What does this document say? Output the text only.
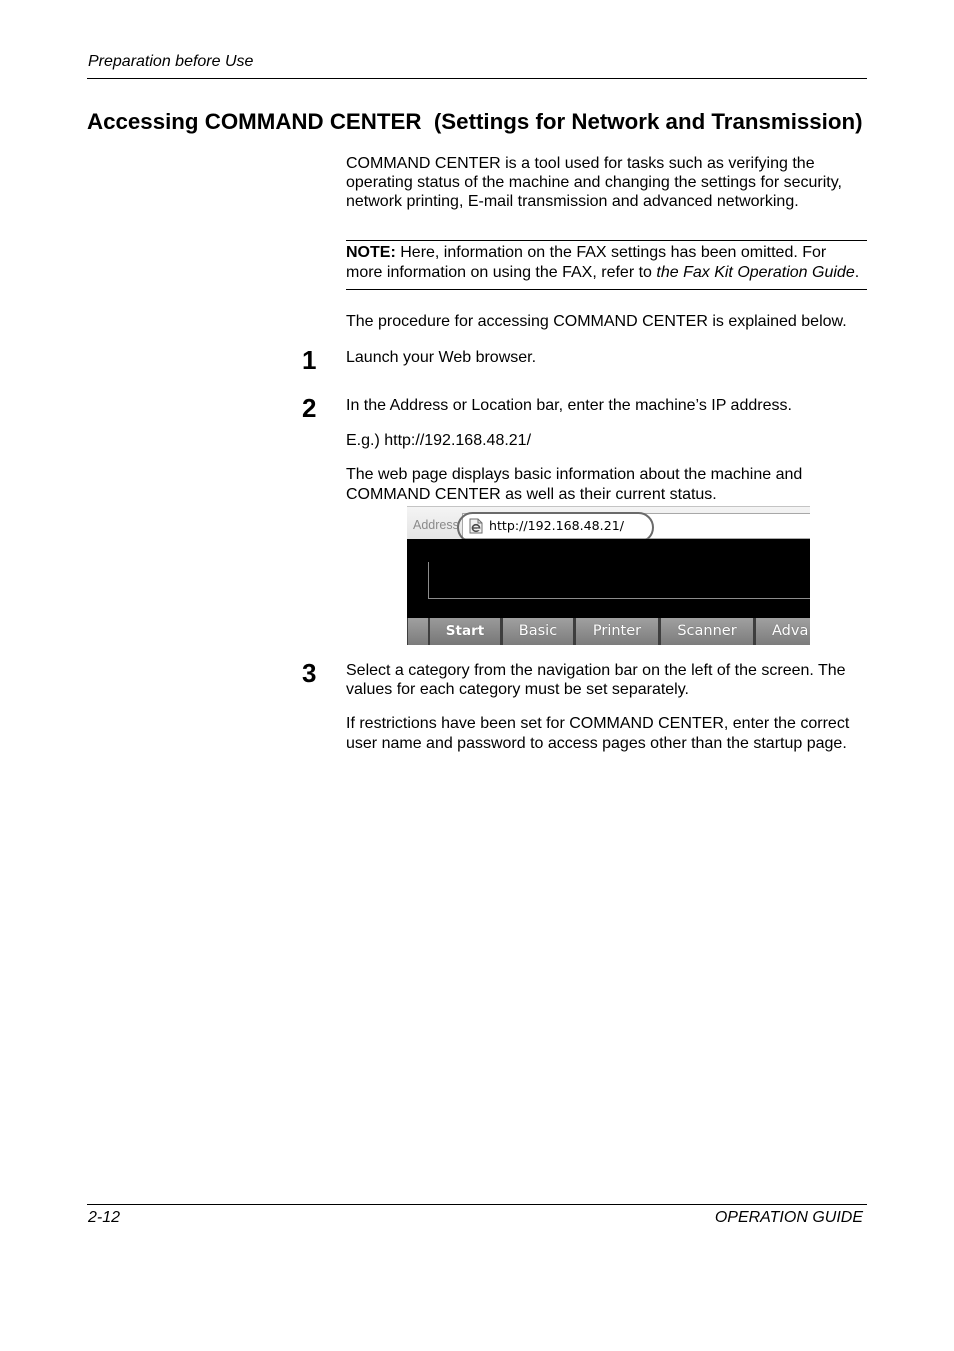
Preparation before Use
Accessing COMMAND CENTER  (Settings for Network and Transmission)
COMMAND CENTER is a tool used for tasks such as verifying the
operating status of the machine and changing the settings for security,
network printing, E-mail transmission and advanced networking.
NOTE: Here, information on the FAX settings has been omitted. For
more information on using the FAX, refer to the Fax Kit Operation Guide.
The procedure for accessing COMMAND CENTER is explained below.
1 Launch your Web browser.
2 In the Address or Location bar, enter the machine’s IP address.
E.g.) http://192.168.48.21/
The web page displays basic information about the machine and
COMMAND CENTER as well as their current status.
Address http://192.168.48.21/
Start	Basic	Printer	Scanner	Adva
3 Select a category from the navigation bar on the left of the screen. The
values for each category must be set separately.
If restrictions have been set for COMMAND CENTER, enter the correct
user name and password to access pages other than the startup page.
2-12	OPERATION GUIDE
